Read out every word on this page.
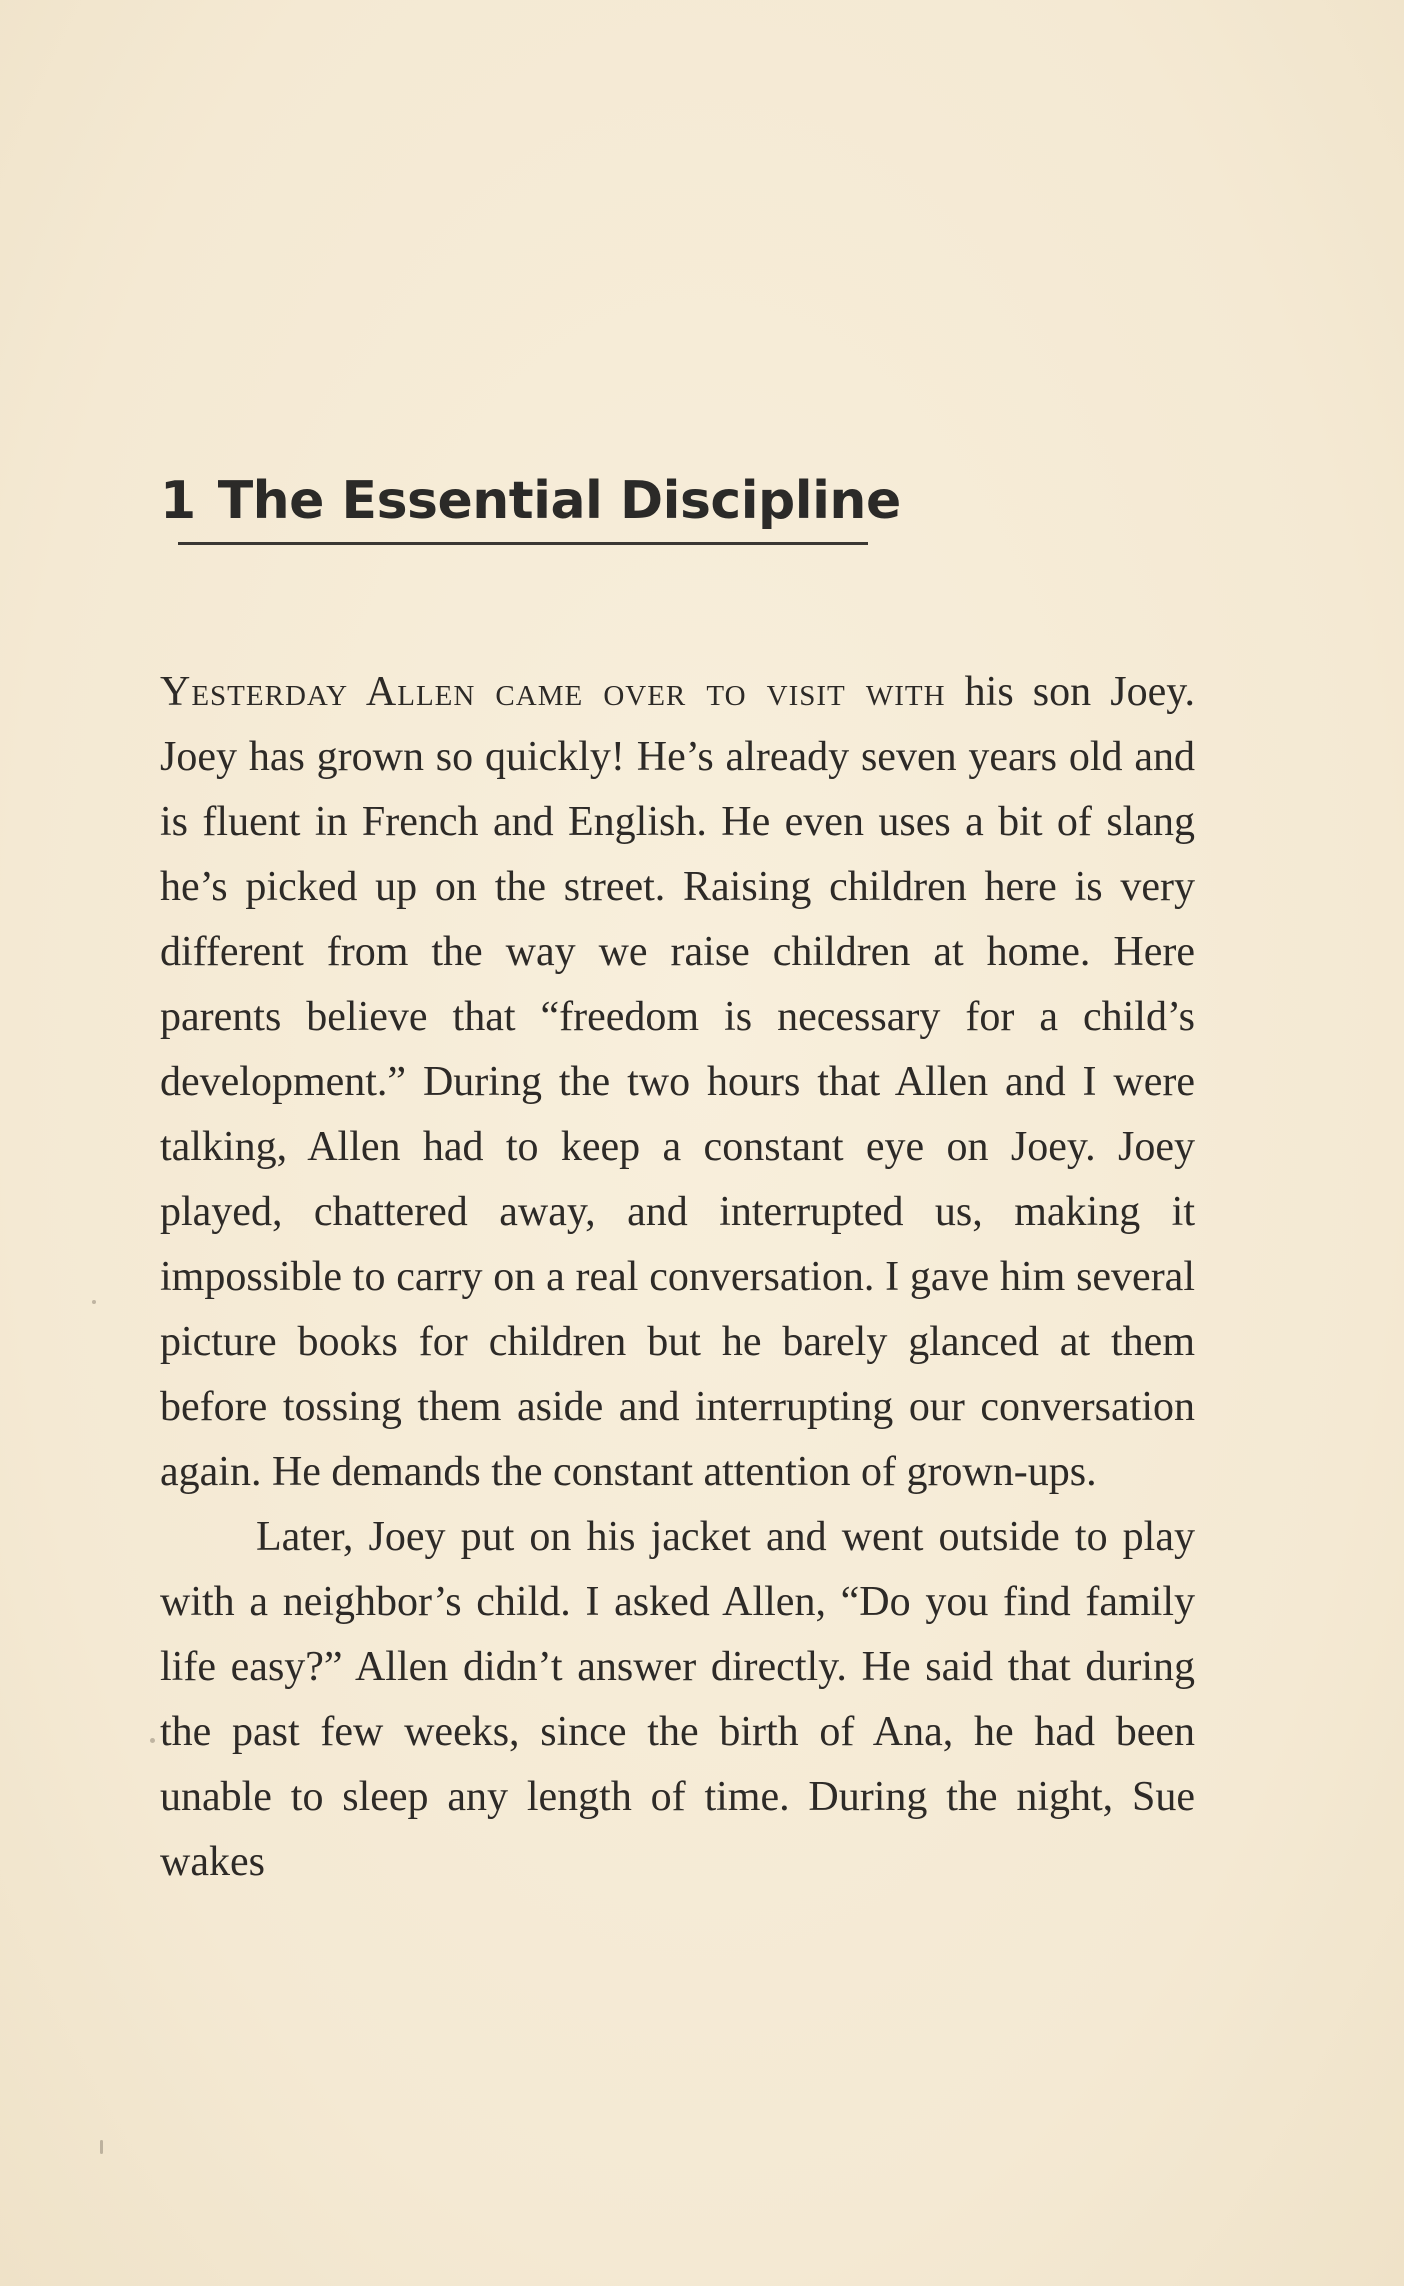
1 The Essential Discipline

Yesterday Allen came over to visit with his son Joey. Joey has grown so quickly! He’s already seven years old and is fluent in French and English. He even uses a bit of slang he’s picked up on the street. Raising children here is very different from the way we raise children at home. Here parents believe that “freedom is necessary for a child’s development.” During the two hours that Allen and I were talking, Allen had to keep a constant eye on Joey. Joey played, chattered away, and interrupted us, making it impossible to carry on a real conversation. I gave him several picture books for children but he barely glanced at them before tossing them aside and interrupting our conversation again. He demands the constant attention of grown-ups.

Later, Joey put on his jacket and went outside to play with a neighbor’s child. I asked Allen, “Do you find family life easy?” Allen didn’t answer directly. He said that during the past few weeks, since the birth of Ana, he had been unable to sleep any length of time. During the night, Sue wakes
